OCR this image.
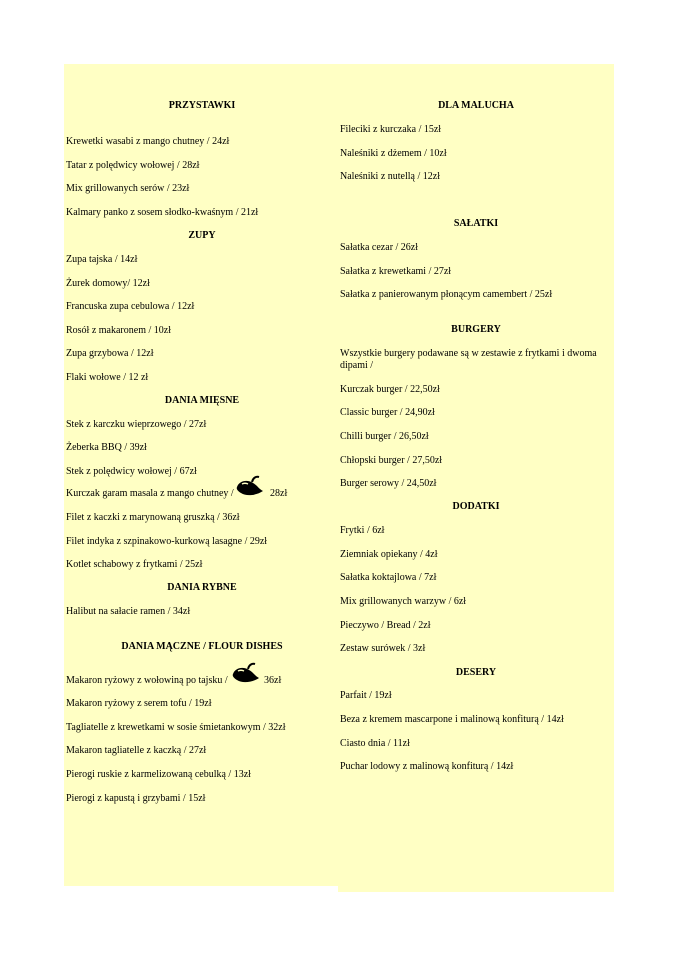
PRZYSTAWKI
Krewetki wasabi z mango chutney / 24zł
Tatar z polędwicy wołowej / 28zł
Mix grillowanych serów / 23zł
Kalmary panko z sosem słodko-kwaśnym / 21zł
ZUPY
Zupa tajska / 14zł
Żurek domowy/ 12zł
Francuska zupa cebulowa / 12zł
Rosół z makaronem / 10zł
Zupa grzybowa / 12zł
Flaki wołowe / 12 zł
DANIA MIĘSNE
Stek z karczku wieprzowego / 27zł
Żeberka BBQ / 39zł
Stek z polędwicy wołowej / 67zł
Kurczak garam masala z mango chutney /	28zł
Filet z kaczki z marynowaną gruszką / 36zł
Filet indyka z szpinakowo-kurkową lasagne / 29zł
Kotlet schabowy z frytkami / 25zł
DANIA RYBNE
Halibut na sałacie ramen / 34zł
DANIA MĄCZNE / FLOUR DISHES
Makaron ryżowy z wołowiną po tajsku /	36zł
Makaron ryżowy z serem tofu / 19zł
Tagliatelle z krewetkami w sosie śmietankowym / 32zł
Makaron tagliatelle z kaczką / 27zł
Pierogi ruskie z karmelizowaną cebulką / 13zł
Pierogi z kapustą i grzybami / 15zł
DLA MALUCHA
Fileciki z kurczaka / 15zł
Naleśniki z dżemem / 10zł
Naleśniki z nutellą / 12zł
SAŁATKI
Sałatka cezar / 26zł
Sałatka z krewetkami / 27zł
Sałatka z panierowanym płonącym camembert / 25zł
BURGERY
Wszystkie burgery podawane są w zestawie z frytkami i dwoma dipami /
Kurczak burger / 22,50zł
Classic burger / 24,90zł
Chilli burger / 26,50zł
Chłopski burger / 27,50zł
Burger serowy / 24,50zł
DODATKI
Frytki / 6zł
Ziemniak opiekany / 4zł
Sałatka koktajlowa / 7zł
Mix grillowanych warzyw / 6zł
Pieczywo / Bread / 2zł
Zestaw surówek / 3zł
DESERY
Parfait / 19zł
Beza z kremem mascarpone i malinową konfiturą / 14zł
Ciasto dnia / 11zł
Puchar lodowy z malinową konfiturą / 14zł
